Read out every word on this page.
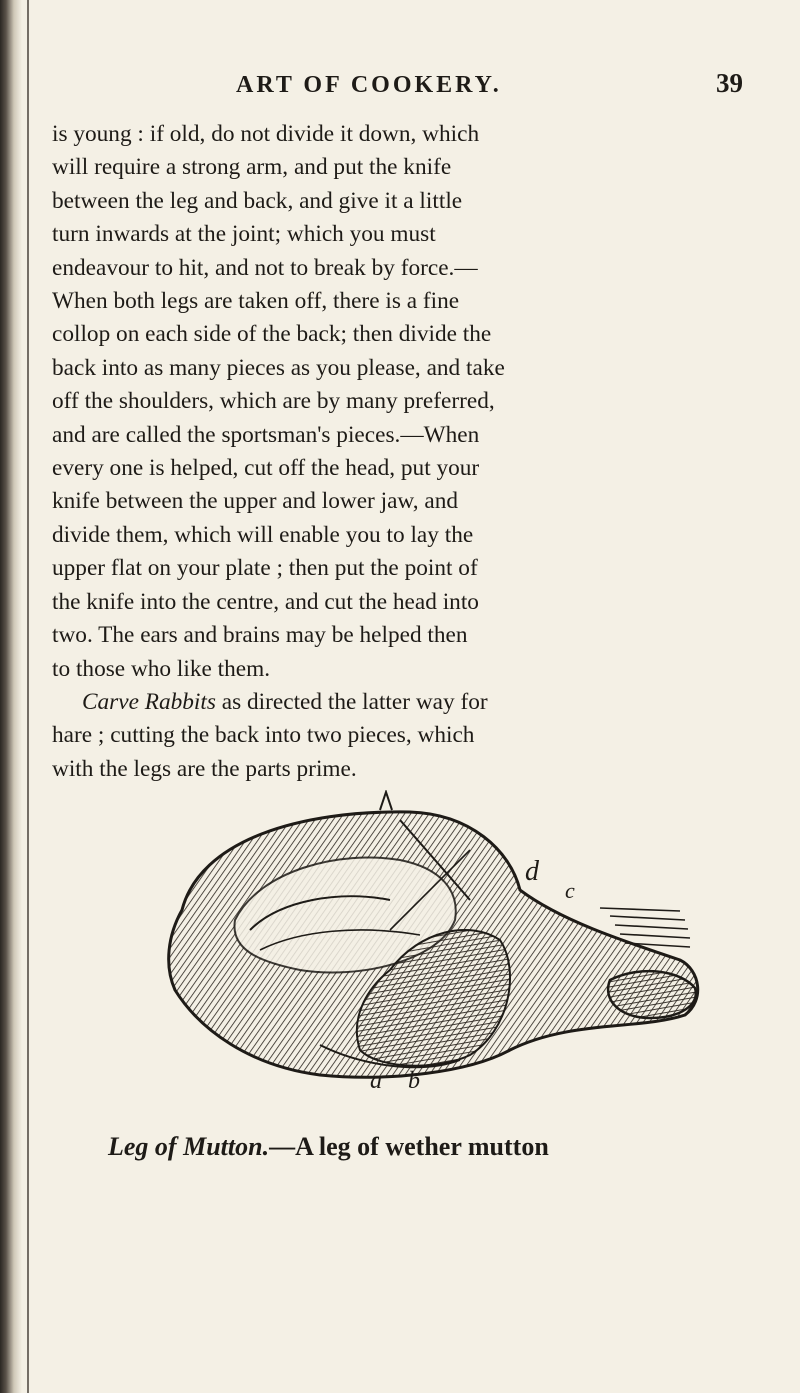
ART OF COOKERY.	39
is young : if old, do not divide it down, which
will require a strong arm, and put the knife
between the leg and back, and give it a little
turn inwards at the joint; which you must
endeavour to hit, and not to break by force.—
When both legs are taken off, there is a fine
collop on each side of the back; then divide the
back into as many pieces as you please, and take
off the shoulders, which are by many preferred,
and are called the sportsman's pieces.—When
every one is helped, cut off the head, put your
knife between the upper and lower jaw, and
divide them, which will enable you to lay the
upper flat on your plate ; then put the point of
the knife into the centre, and cut the head into
two. The ears and brains may be helped then
to those who like them.
Carve Rabbits as directed the latter way for
hare ; cutting the back into two pieces, which
with the legs are the parts prime.
d
c
a b
Leg of Mutton.—A leg of wether mutton
